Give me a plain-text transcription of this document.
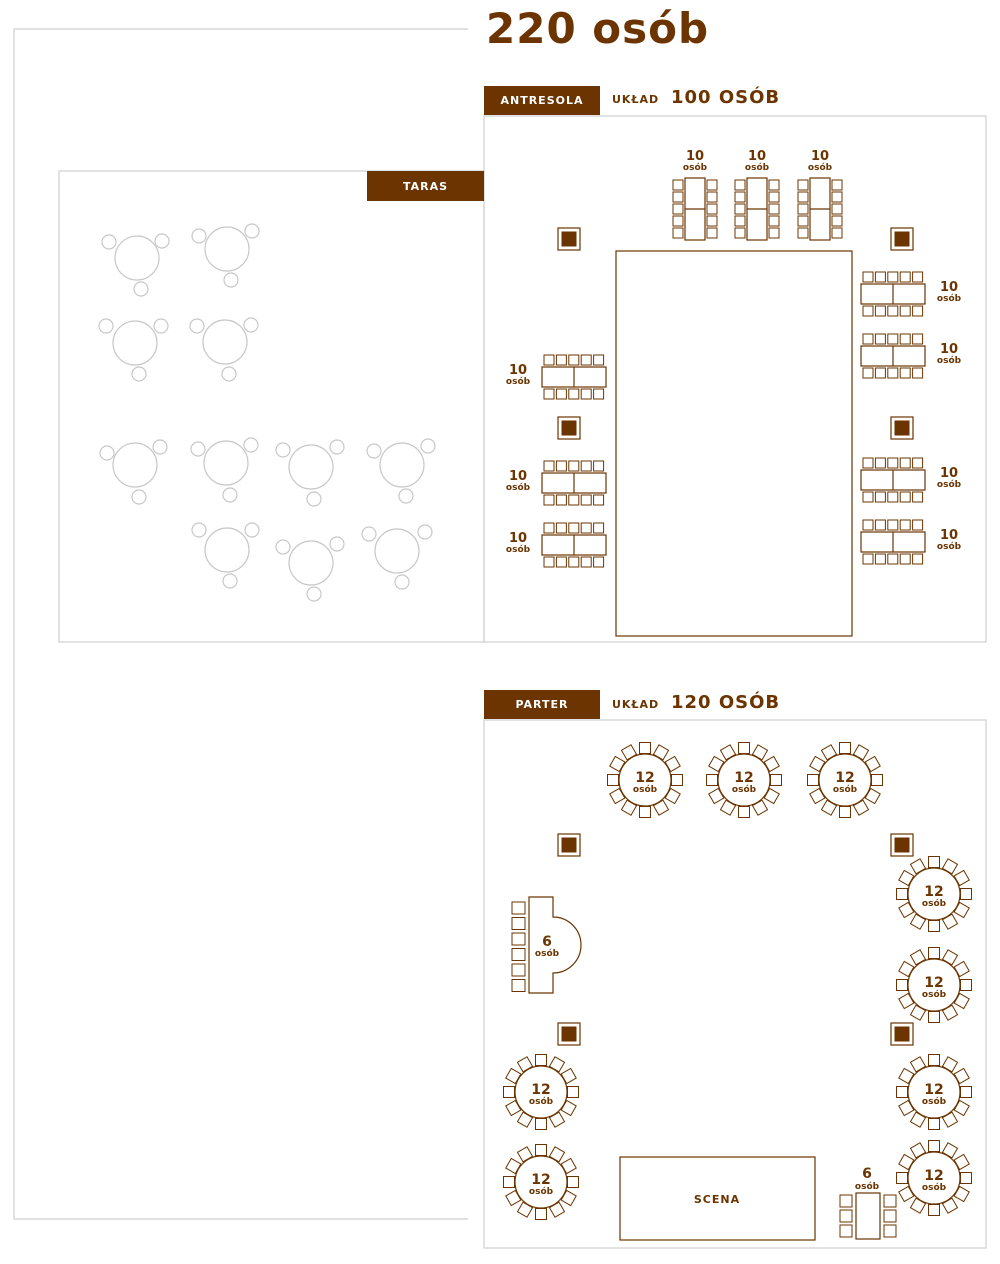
220 osób
SCENA
10
osób
10
osób
10
osób
10
osób
10
osób
10
osób
10
osób
10
osób
10
osób
10
osób
12
osób
12
osób
12
osób
12
osób
12
osób
12
osób
12
osób
12
osób
12
osób
6
osób
6
osób
TARAS
ANTRESOLA	UKŁAD 100 OSÓB
PARTER	UKŁAD 120 OSÓB
